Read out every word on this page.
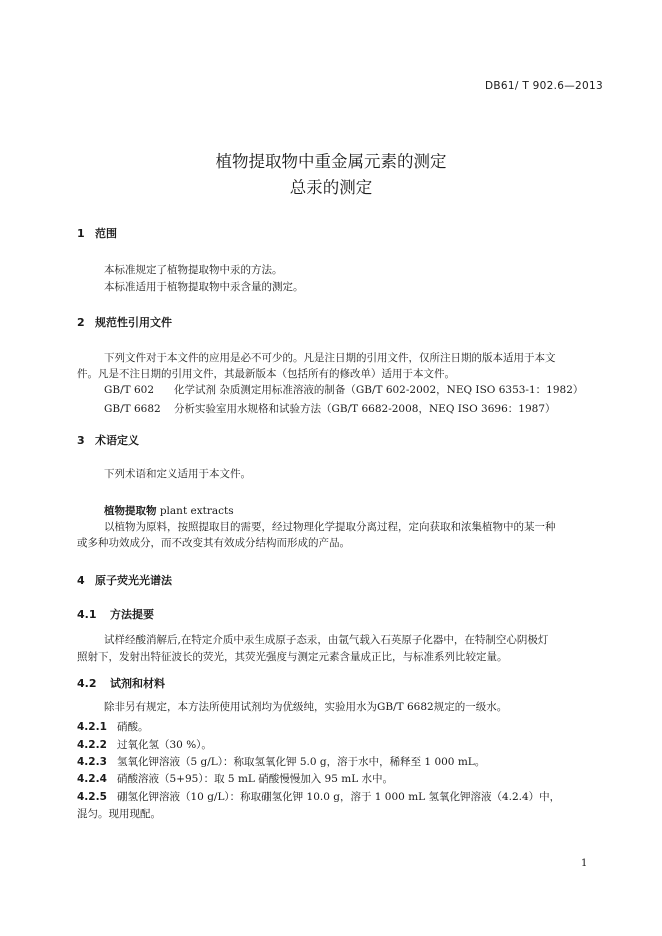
DB61/ T 902.6—2013
植物提取物中重金属元素的测定
总汞的测定
1 范围
本标准规定了植物提取物中汞的方法。
本标准适用于植物提取物中汞含量的测定。
2 规范性引用文件
下列文件对于本文件的应用是必不可少的。凡是注日期的引用文件，仅所注日期的版本适用于本文
件。凡是不注日期的引用文件，其最新版本（包括所有的修改单）适用于本文件。
GB/T 602 化学试剂 杂质测定用标准溶液的制备（GB/T 602-2002，NEQ ISO 6353-1：1982）
GB/T 6682 分析实验室用水规格和试验方法（GB/T 6682-2008，NEQ ISO 3696：1987）
3 术语定义
下列术语和定义适用于本文件。
植物提取物 plant extracts
以植物为原料，按照提取目的需要，经过物理化学提取分离过程，定向获取和浓集植物中的某一种
或多种功效成分，而不改变其有效成分结构而形成的产品。
4 原子荧光光谱法
4.1 方法提要
试样经酸消解后,在特定介质中汞生成原子态汞，由氩气载入石英原子化器中，在特制空心阴极灯
照射下，发射出特征波长的荧光，其荧光强度与测定元素含量成正比，与标准系列比较定量。
4.2 试剂和材料
除非另有规定，本方法所使用试剂均为优级纯，实验用水为GB/T 6682规定的一级水。
4.2.1 硝酸。
4.2.2 过氧化氢（30 %）。
4.2.3 氢氧化钾溶液（5 g/L）：称取氢氧化钾 5.0 g，溶于水中，稀释至 1 000 mL。
4.2.4 硝酸溶液（5+95）：取 5 mL 硝酸慢慢加入 95 mL 水中。
4.2.5 硼氢化钾溶液（10 g/L）：称取硼氢化钾 10.0 g，溶于 1 000 mL 氢氧化钾溶液（4.2.4）中，
混匀。现用现配。
1
